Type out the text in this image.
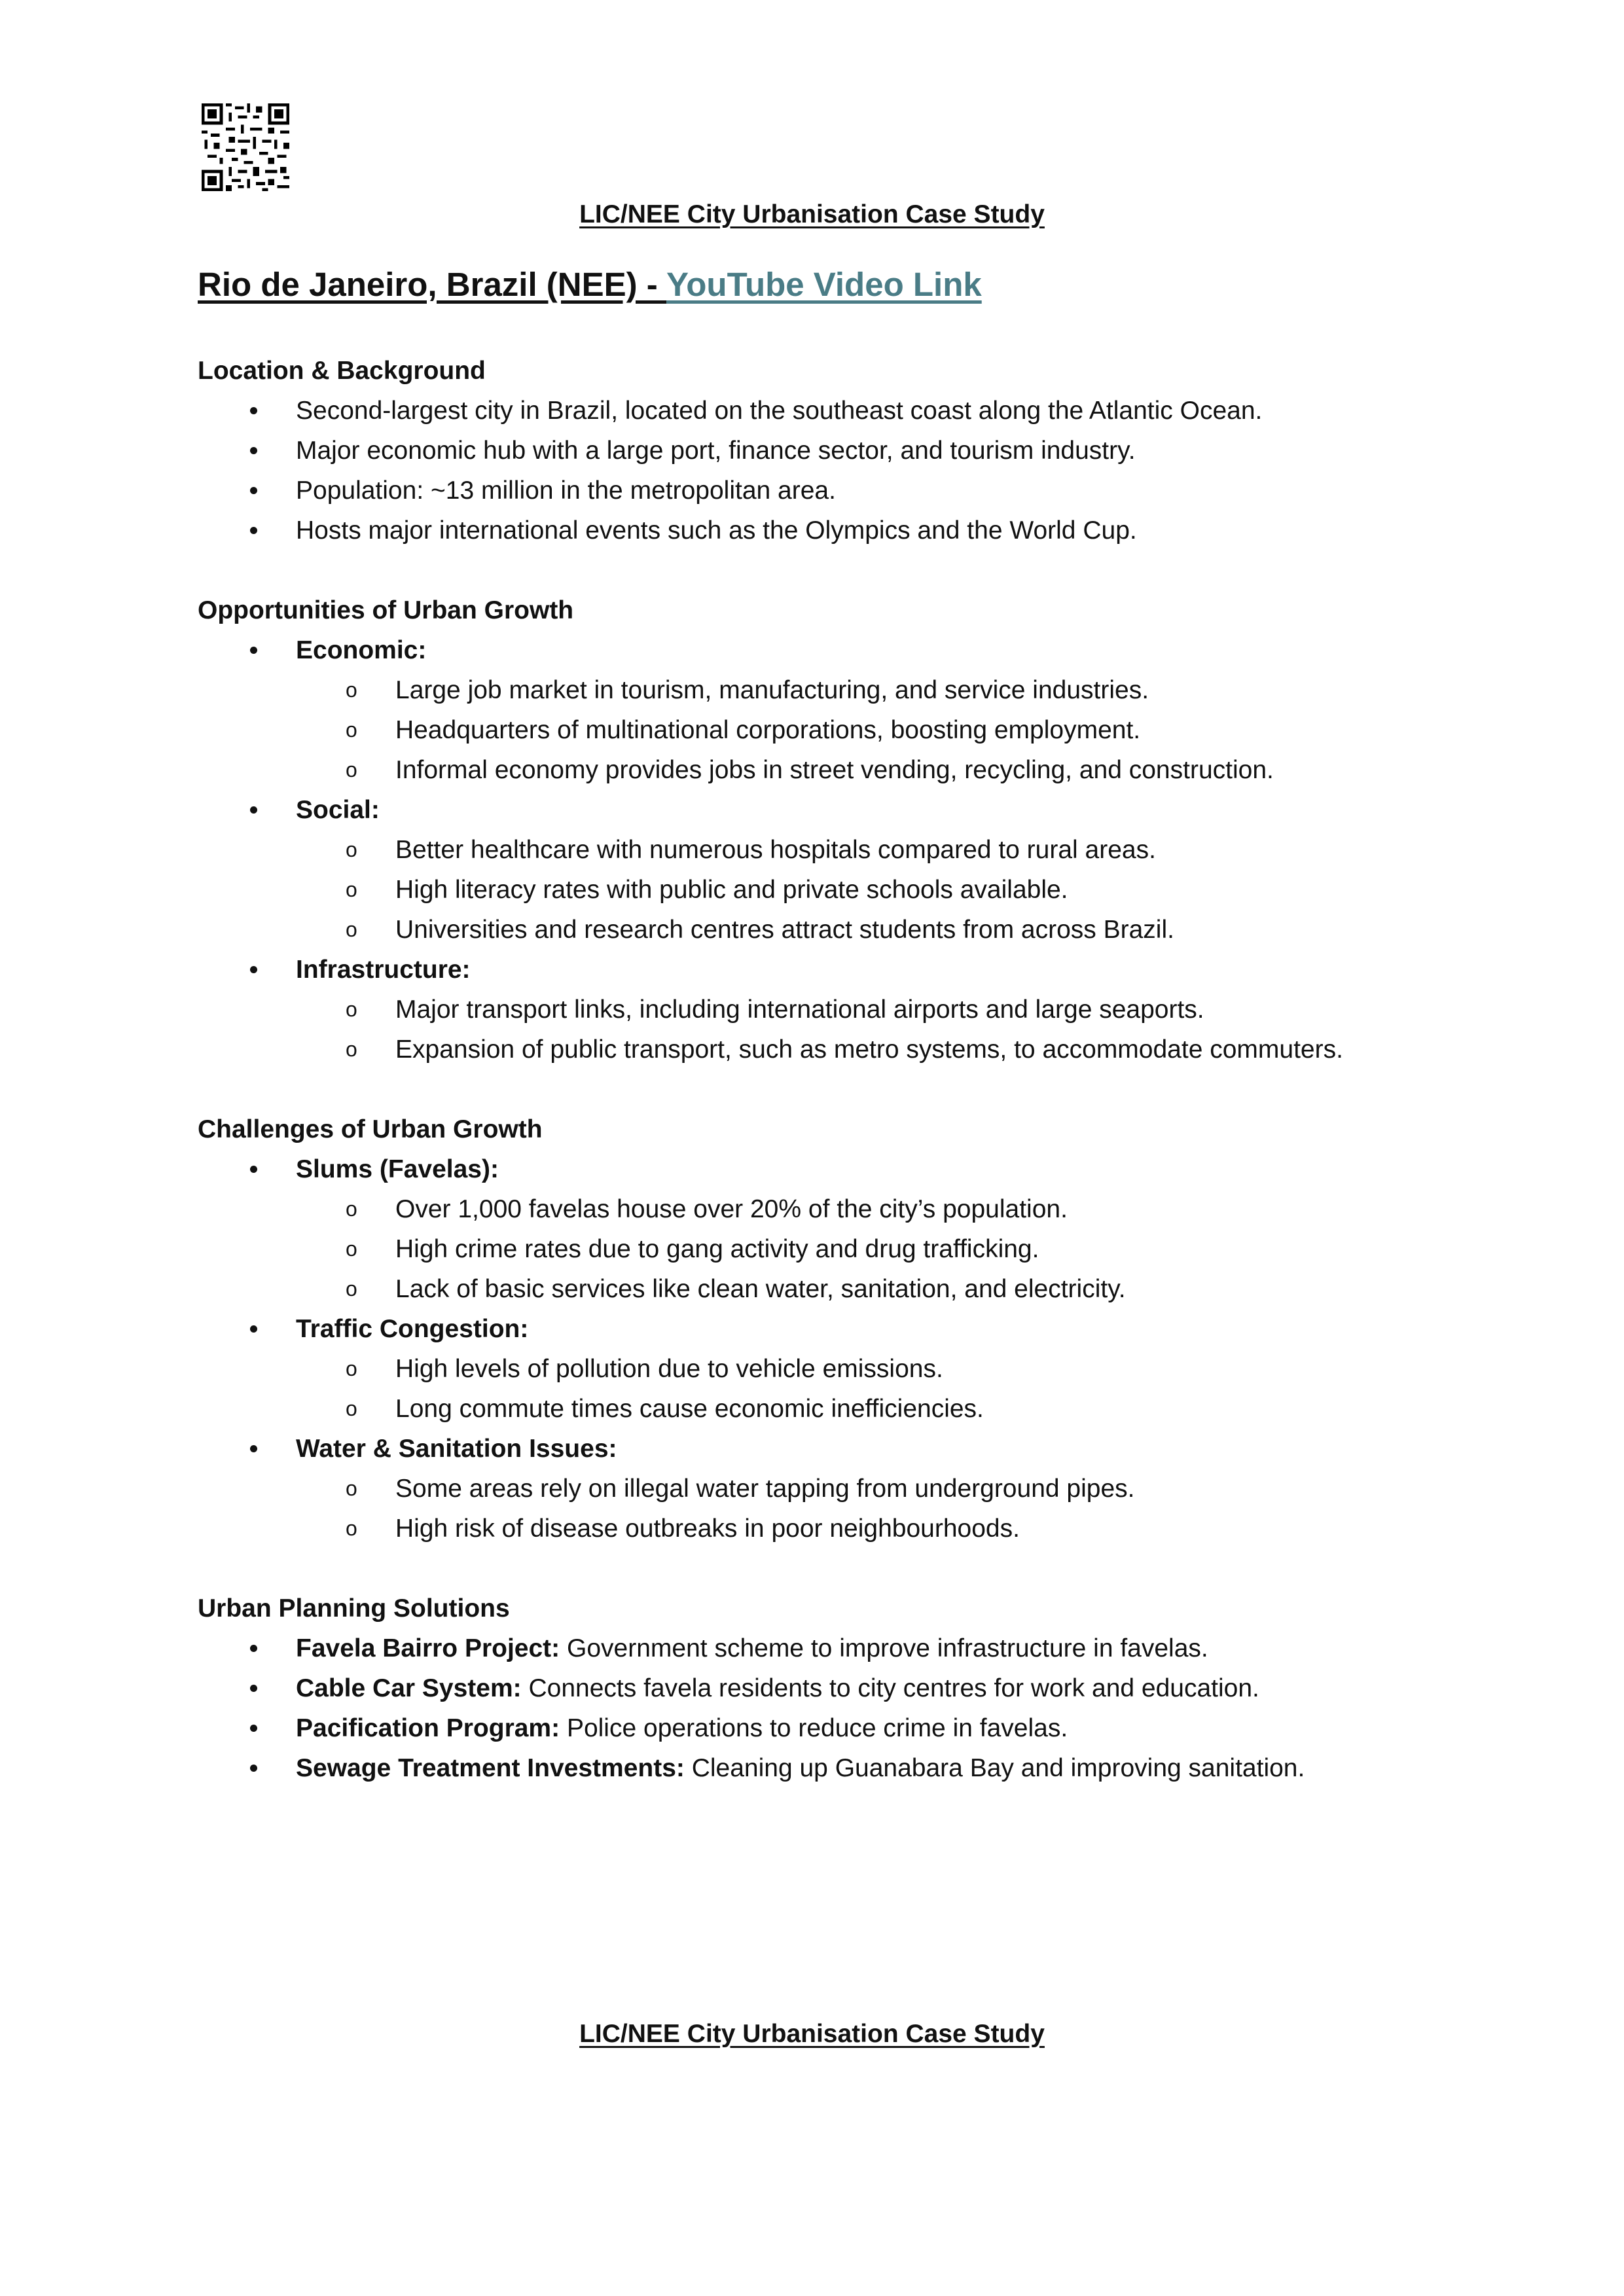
LIC/NEE City Urbanisation Case Study
Rio de Janeiro, Brazil (NEE) - YouTube Video Link
Location & Background
Second-largest city in Brazil, located on the southeast coast along the Atlantic Ocean.
Major economic hub with a large port, finance sector, and tourism industry.
Population: ~13 million in the metropolitan area.
Hosts major international events such as the Olympics and the World Cup.
Opportunities of Urban Growth
Economic:
o Large job market in tourism, manufacturing, and service industries.
o Headquarters of multinational corporations, boosting employment.
o Informal economy provides jobs in street vending, recycling, and construction.
Social:
o Better healthcare with numerous hospitals compared to rural areas.
o High literacy rates with public and private schools available.
o Universities and research centres attract students from across Brazil.
Infrastructure:
o Major transport links, including international airports and large seaports.
o Expansion of public transport, such as metro systems, to accommodate commuters.
Challenges of Urban Growth
Slums (Favelas):
o Over 1,000 favelas house over 20% of the city’s population.
o High crime rates due to gang activity and drug trafficking.
o Lack of basic services like clean water, sanitation, and electricity.
Traffic Congestion:
o High levels of pollution due to vehicle emissions.
o Long commute times cause economic inefficiencies.
Water & Sanitation Issues:
o Some areas rely on illegal water tapping from underground pipes.
o High risk of disease outbreaks in poor neighbourhoods.
Urban Planning Solutions
Favela Bairro Project: Government scheme to improve infrastructure in favelas.
Cable Car System: Connects favela residents to city centres for work and education.
Pacification Program: Police operations to reduce crime in favelas.
Sewage Treatment Investments: Cleaning up Guanabara Bay and improving sanitation.
LIC/NEE City Urbanisation Case Study
